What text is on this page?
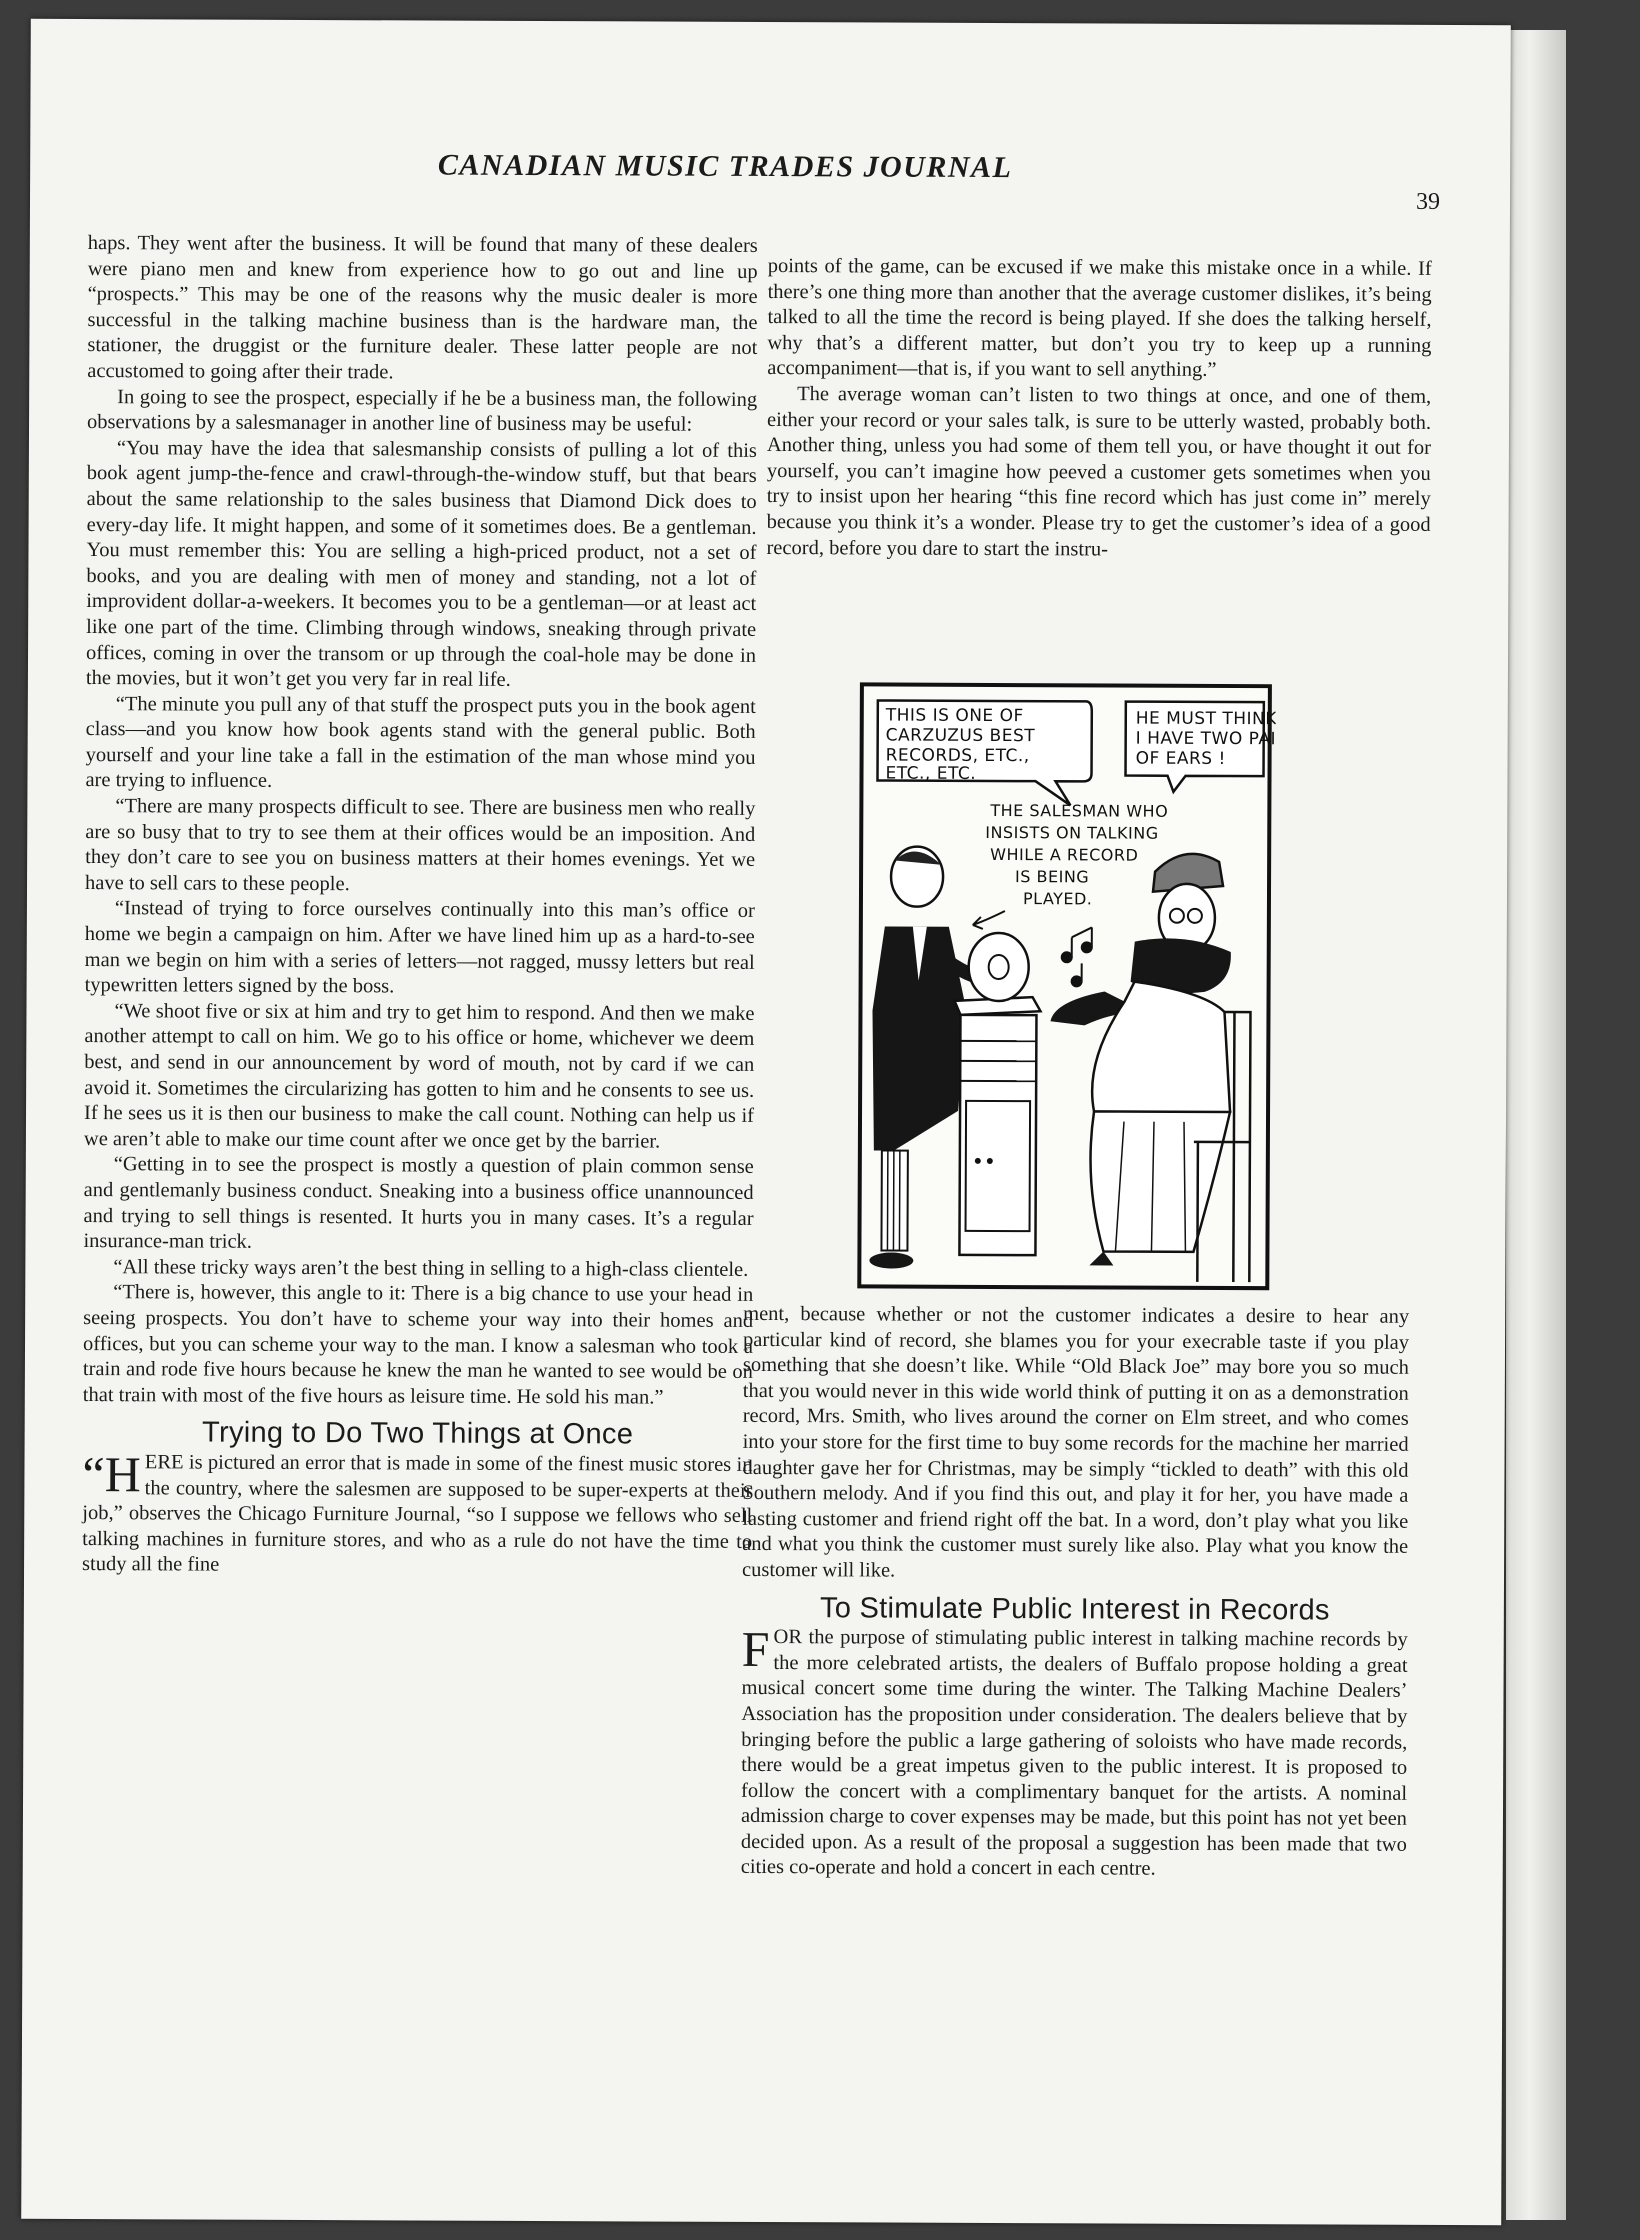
CANADIAN MUSIC TRADES JOURNAL
39

haps. They went after the business. It will be found that many of these dealers were piano men and knew from experience how to go out and line up “prospects.” This may be one of the reasons why the music dealer is more successful in the talking machine business than is the hardware man, the stationer, the druggist or the furniture dealer. These latter people are not accustomed to going after their trade.

In going to see the prospect, especially if he be a business man, the following observations by a salesmanager in another line of business may be useful:

“You may have the idea that salesmanship consists of pulling a lot of this book agent jump-the-fence and crawl-through-the-window stuff, but that bears about the same relationship to the sales business that Diamond Dick does to every-day life. It might happen, and some of it sometimes does. Be a gentleman. You must remember this: You are selling a high-priced product, not a set of books, and you are dealing with men of money and standing, not a lot of improvident dollar-a-weekers. It becomes you to be a gentleman—or at least act like one part of the time. Climbing through windows, sneaking through private offices, coming in over the transom or up through the coal-hole may be done in the movies, but it won’t get you very far in real life.

“The minute you pull any of that stuff the prospect puts you in the book agent class—and you know how book agents stand with the general public. Both yourself and your line take a fall in the estimation of the man whose mind you are trying to influence.

“There are many prospects difficult to see. There are business men who really are so busy that to try to see them at their offices would be an imposition. And they don’t care to see you on business matters at their homes evenings. Yet we have to sell cars to these people.

“Instead of trying to force ourselves continually into this man’s office or home we begin a campaign on him. After we have lined him up as a hard-to-see man we begin on him with a series of letters—not ragged, mussy letters but real typewritten letters signed by the boss.

“We shoot five or six at him and try to get him to respond. And then we make another attempt to call on him. We go to his office or home, whichever we deem best, and send in our announcement by word of mouth, not by card if we can avoid it. Sometimes the circularizing has gotten to him and he consents to see us. If he sees us it is then our business to make the call count. Nothing can help us if we aren’t able to make our time count after we once get by the barrier.

“Getting in to see the prospect is mostly a question of plain common sense and gentlemanly business conduct. Sneaking into a business office unannounced and trying to sell things is resented. It hurts you in many cases. It’s a regular insurance-man trick.

“All these tricky ways aren’t the best thing in selling to a high-class clientele.

“There is, however, this angle to it: There is a big chance to use your head in seeing prospects. You don’t have to scheme your way into their homes and offices, but you can scheme your way to the man. I know a salesman who took a train and rode five hours because he knew the man he wanted to see would be on that train with most of the five hours as leisure time. He sold his man.”

Trying to Do Two Things at Once

“HERE is pictured an error that is made in some of the finest music stores in the country, where the salesmen are supposed to be super-experts at their job,” observes the Chicago Furniture Journal, “so I suppose we fellows who sell talking machines in furniture stores, and who as a rule do not have the time to study all the fine

points of the game, can be excused if we make this mistake once in a while. If there’s one thing more than another that the average customer dislikes, it’s being talked to all the time the record is being played. If she does the talking herself, why that’s a different matter, but don’t you try to keep up a running accompaniment—that is, if you want to sell anything.”

The average woman can’t listen to two things at once, and one of them, either your record or your sales talk, is sure to be utterly wasted, probably both. Another thing, unless you had some of them tell you, or have thought it out for yourself, you can’t imagine how peeved a customer gets sometimes when you try to insist upon her hearing “this fine record which has just come in” merely because you think it’s a wonder. Please try to get the customer’s idea of a good record, before you dare to start the instru-

THIS IS ONE OF CARZUZUS BEST RECORDS, ETC., ETC., ETC.
HE MUST THINK I HAVE TWO PAIR OF EARS !
THE SALESMAN WHO INSISTS ON TALKING WHILE A RECORD IS BEING PLAYED.

ment, because whether or not the customer indicates a desire to hear any particular kind of record, she blames you for your execrable taste if you play something that she doesn’t like. While “Old Black Joe” may bore you so much that you would never in this wide world think of putting it on as a demonstration record, Mrs. Smith, who lives around the corner on Elm street, and who comes into your store for the first time to buy some records for the machine her married daughter gave her for Christmas, may be simply “tickled to death” with this old Southern melody. And if you find this out, and play it for her, you have made a lasting customer and friend right off the bat. In a word, don’t play what you like and what you think the customer must surely like also. Play what you know the customer will like.

To Stimulate Public Interest in Records

FOR the purpose of stimulating public interest in talking machine records by the more celebrated artists, the dealers of Buffalo propose holding a great musical concert some time during the winter. The Talking Machine Dealers’ Association has the proposition under consideration. The dealers believe that by bringing before the public a large gathering of soloists who have made records, there would be a great impetus given to the public interest. It is proposed to follow the concert with a complimentary banquet for the artists. A nominal admission charge to cover expenses may be made, but this point has not yet been decided upon. As a result of the proposal a suggestion has been made that two cities co-operate and hold a concert in each centre.
